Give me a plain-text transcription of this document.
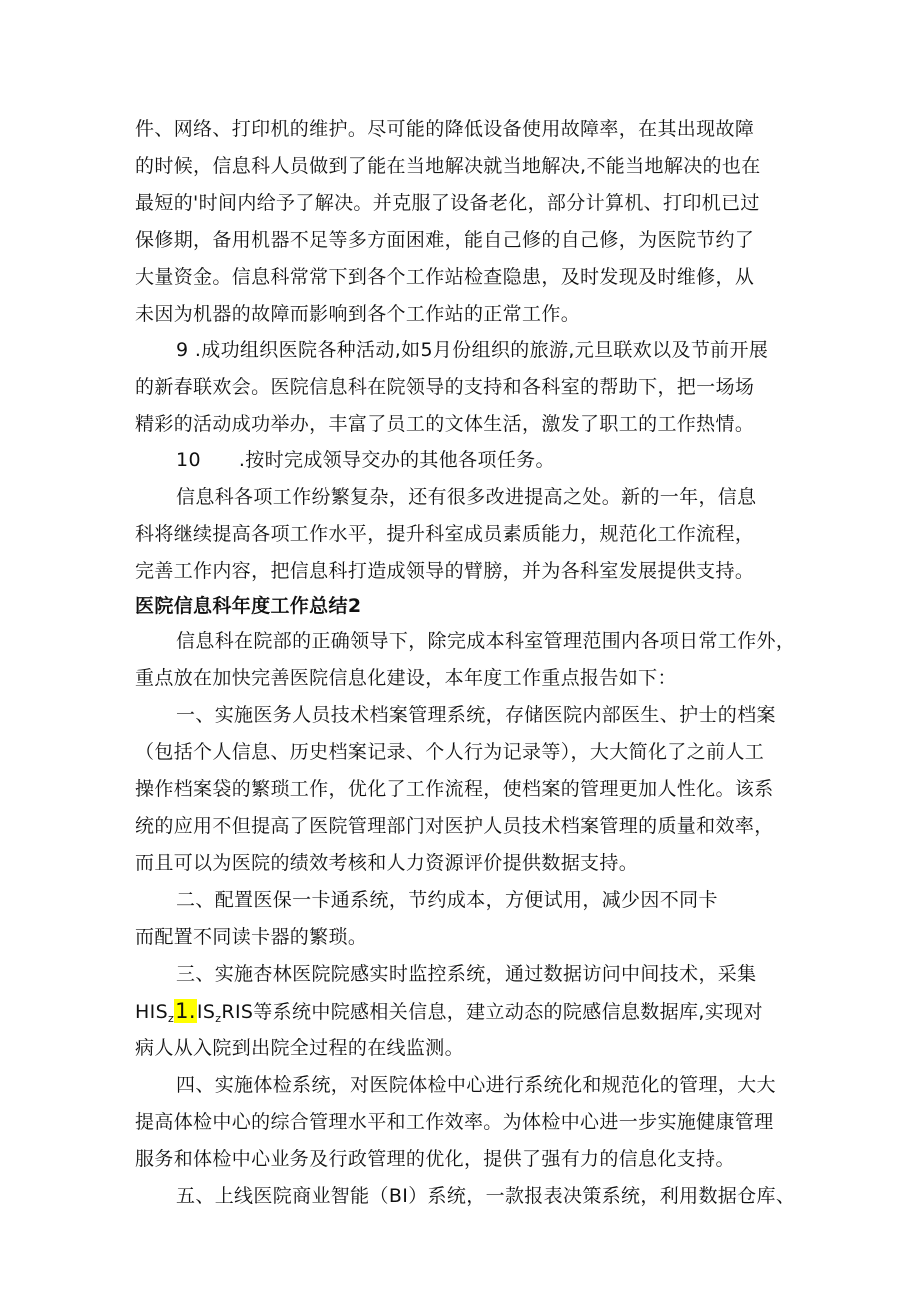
件、网络、打印机的维护。尽可能的降低设备使用故障率，在其出现故障
的时候，信息科人员做到了能在当地解决就当地解决,不能当地解决的也在
最短的'时间内给予了解决。并克服了设备老化，部分计算机、打印机已过
保修期，备用机器不足等多方面困难，能自己修的自己修，为医院节约了
大量资金。信息科常常下到各个工作站检查隐患，及时发现及时维修，从
未因为机器的故障而影响到各个工作站的正常工作。
9 .成功组织医院各种活动,如5月份组织的旅游,元旦联欢以及节前开展
的新春联欢会。医院信息科在院领导的支持和各科室的帮助下，把一场场
精彩的活动成功举办，丰富了员工的文体生活，激发了职工的工作热情。
10 .按时完成领导交办的其他各项任务。
信息科各项工作纷繁复杂，还有很多改进提高之处。新的一年，信息
科将继续提高各项工作水平，提升科室成员素质能力，规范化工作流程，
完善工作内容，把信息科打造成领导的臂膀，并为各科室发展提供支持。
医院信息科年度工作总结2
信息科在院部的正确领导下，除完成本科室管理范围内各项日常工作外，
重点放在加快完善医院信息化建设，本年度工作重点报告如下：
一、实施医务人员技术档案管理系统，存储医院内部医生、护士的档案
（包括个人信息、历史档案记录、个人行为记录等），大大简化了之前人工
操作档案袋的繁琐工作，优化了工作流程，使档案的管理更加人性化。该系
统的应用不但提高了医院管理部门对医护人员技术档案管理的质量和效率，
而且可以为医院的绩效考核和人力资源评价提供数据支持。
二、配置医保一卡通系统，节约成本，方便试用，减少因不同卡
而配置不同读卡器的繁琐。
三、实施杏林医院院感实时监控系统，通过数据访问中间技术，采集
$HIS_z1.IS_zRIS$等系统中院感相关信息，建立动态的院感信息数据库,实现对
病人从入院到出院全过程的在线监测。
四、实施体检系统，对医院体检中心进行系统化和规范化的管理，大大
提高体检中心的综合管理水平和工作效率。为体检中心进一步实施健康管理
服务和体检中心业务及行政管理的优化，提供了强有力的信息化支持。
五、上线医院商业智能（BI）系统，一款报表决策系统，利用数据仓库、
